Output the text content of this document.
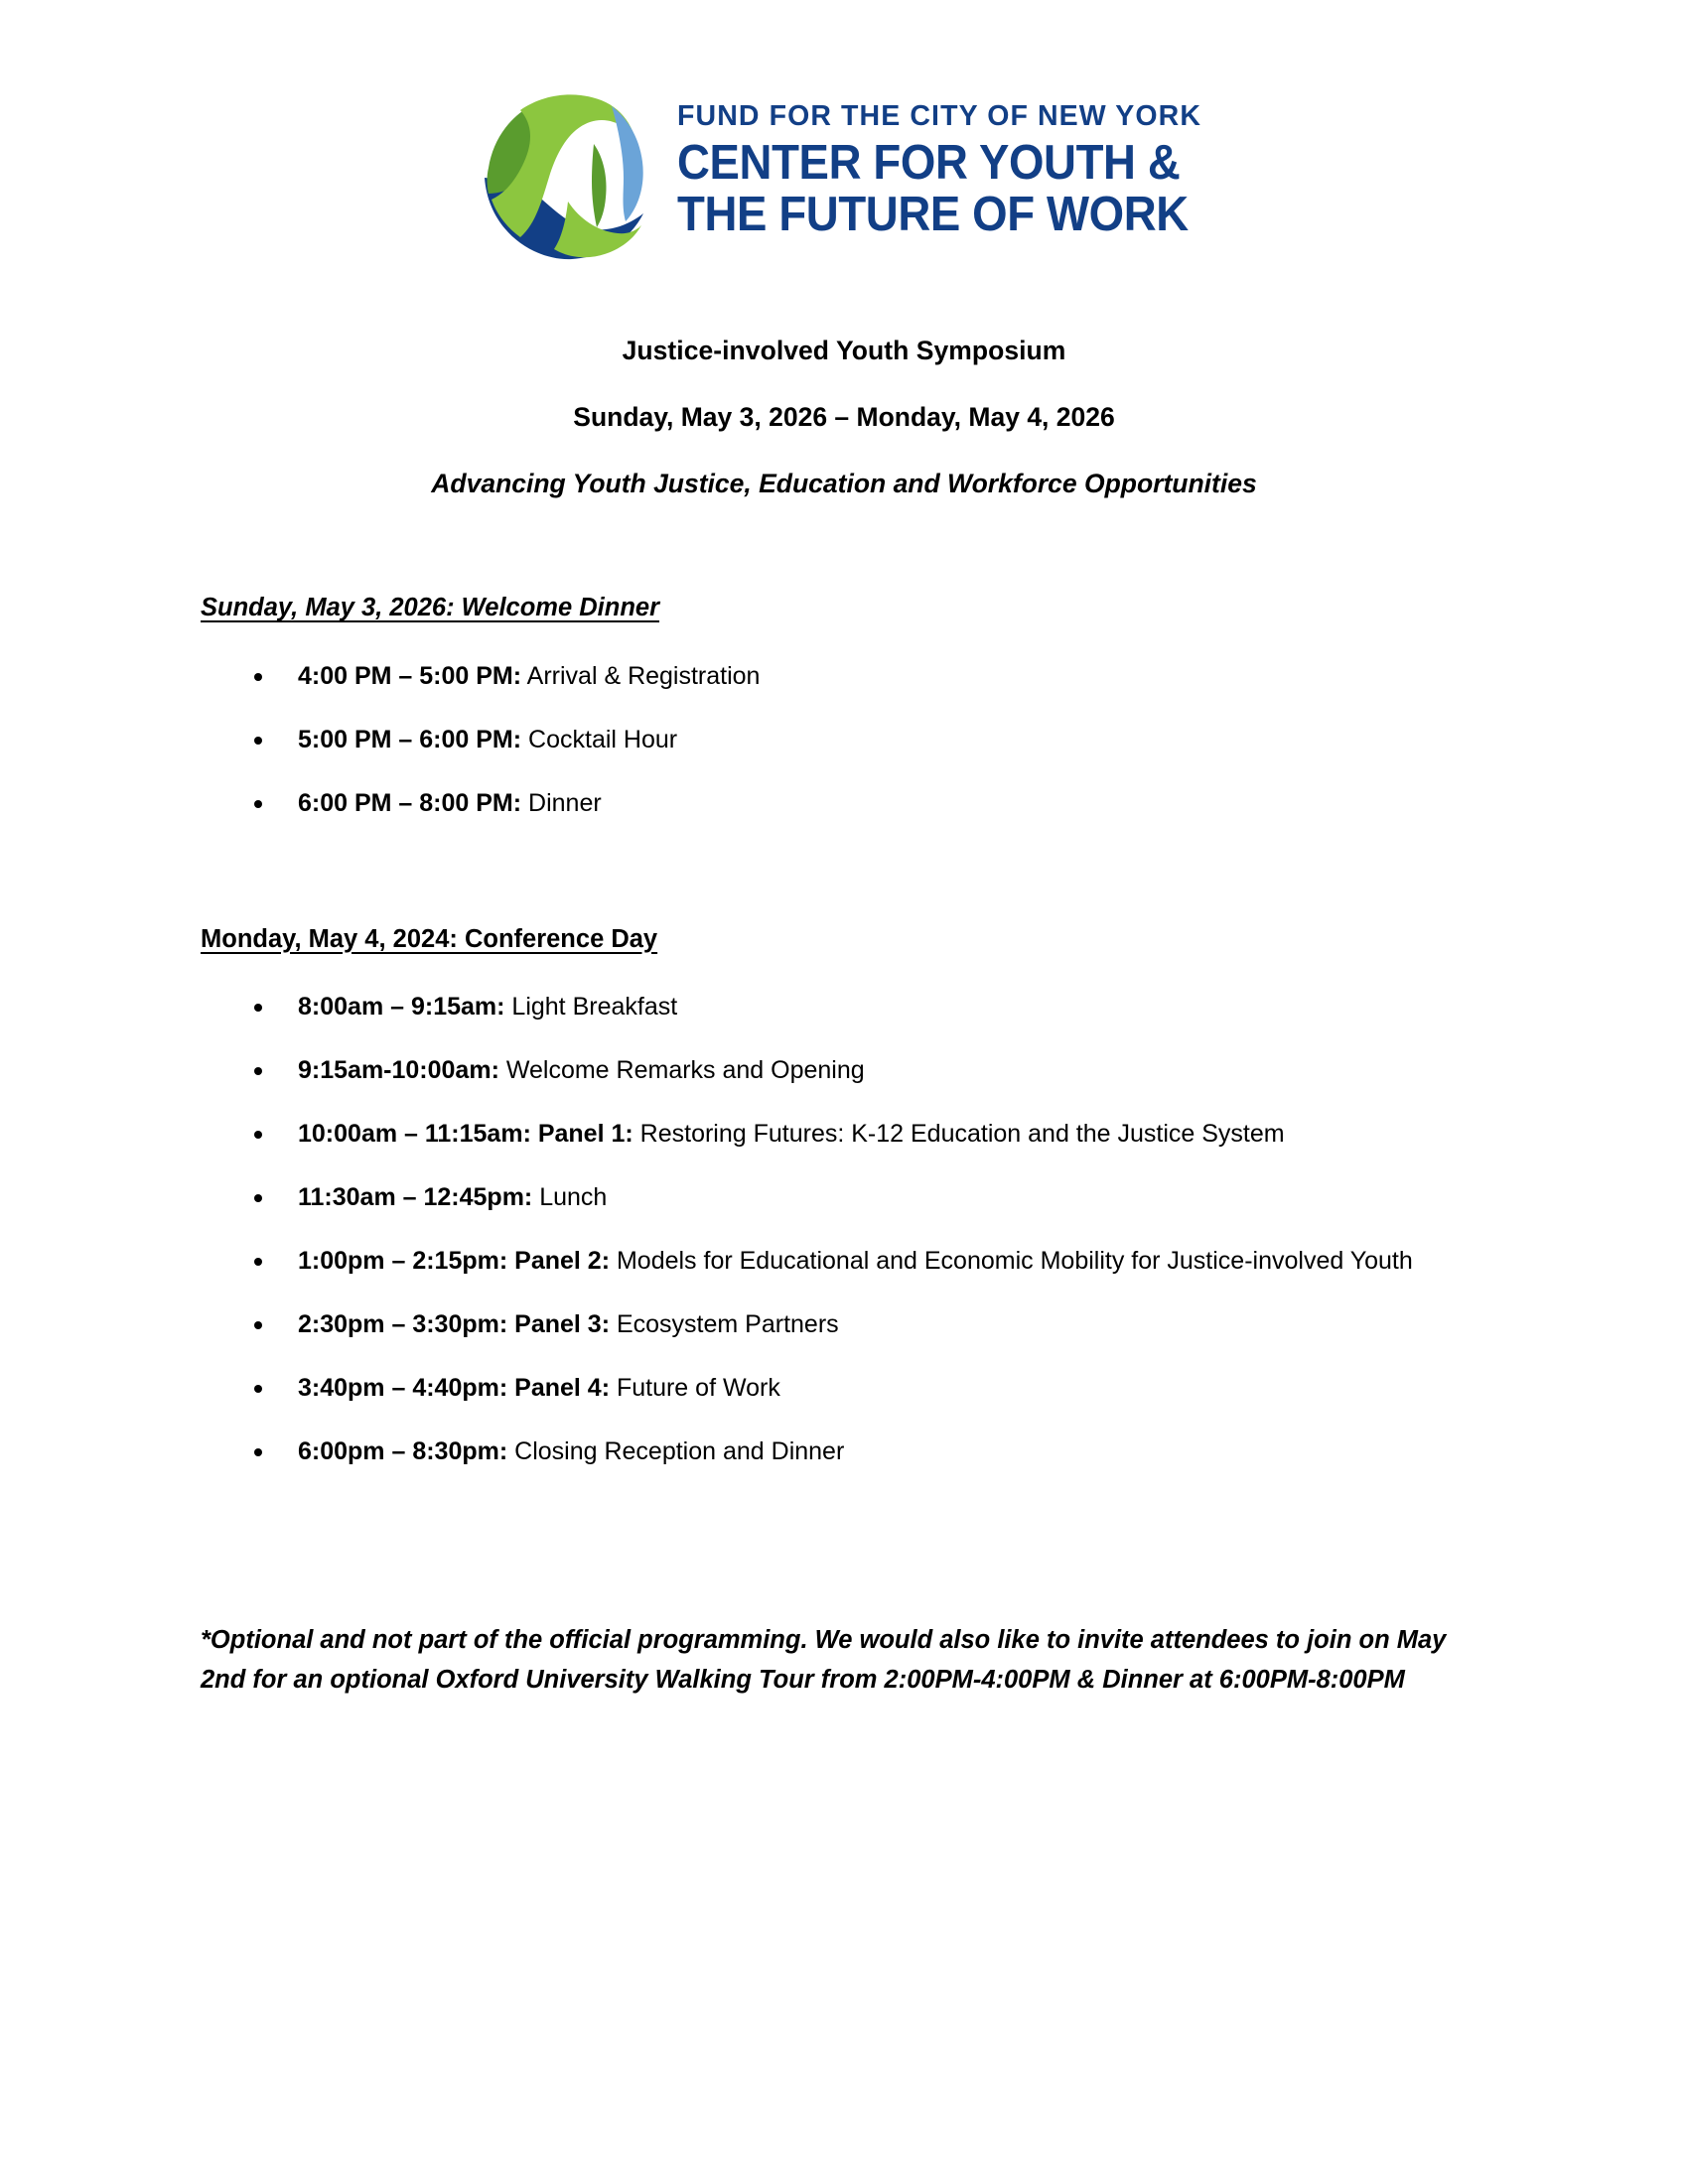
FUND FOR THE CITY OF NEW YORK
CENTER FOR YOUTH &
THE FUTURE OF WORK

Justice-involved Youth Symposium

Sunday, May 3, 2026 – Monday, May 4, 2026

Advancing Youth Justice, Education and Workforce Opportunities

Sunday, May 3, 2026: Welcome Dinner
4:00 PM – 5:00 PM: Arrival & Registration
5:00 PM – 6:00 PM: Cocktail Hour
6:00 PM – 8:00 PM: Dinner
Monday, May 4, 2024: Conference Day
8:00am – 9:15am: Light Breakfast
9:15am-10:00am: Welcome Remarks and Opening
10:00am – 11:15am: Panel 1: Restoring Futures: K-12 Education and the Justice System
11:30am – 12:45pm: Lunch
1:00pm – 2:15pm: Panel 2: Models for Educational and Economic Mobility for Justice-involved Youth
2:30pm – 3:30pm: Panel 3: Ecosystem Partners
3:40pm – 4:40pm: Panel 4: Future of Work
6:00pm – 8:30pm: Closing Reception and Dinner

*Optional and not part of the official programming. We would also like to invite attendees to join on May 2nd for an optional Oxford University Walking Tour from 2:00PM-4:00PM & Dinner at 6:00PM-8:00PM
